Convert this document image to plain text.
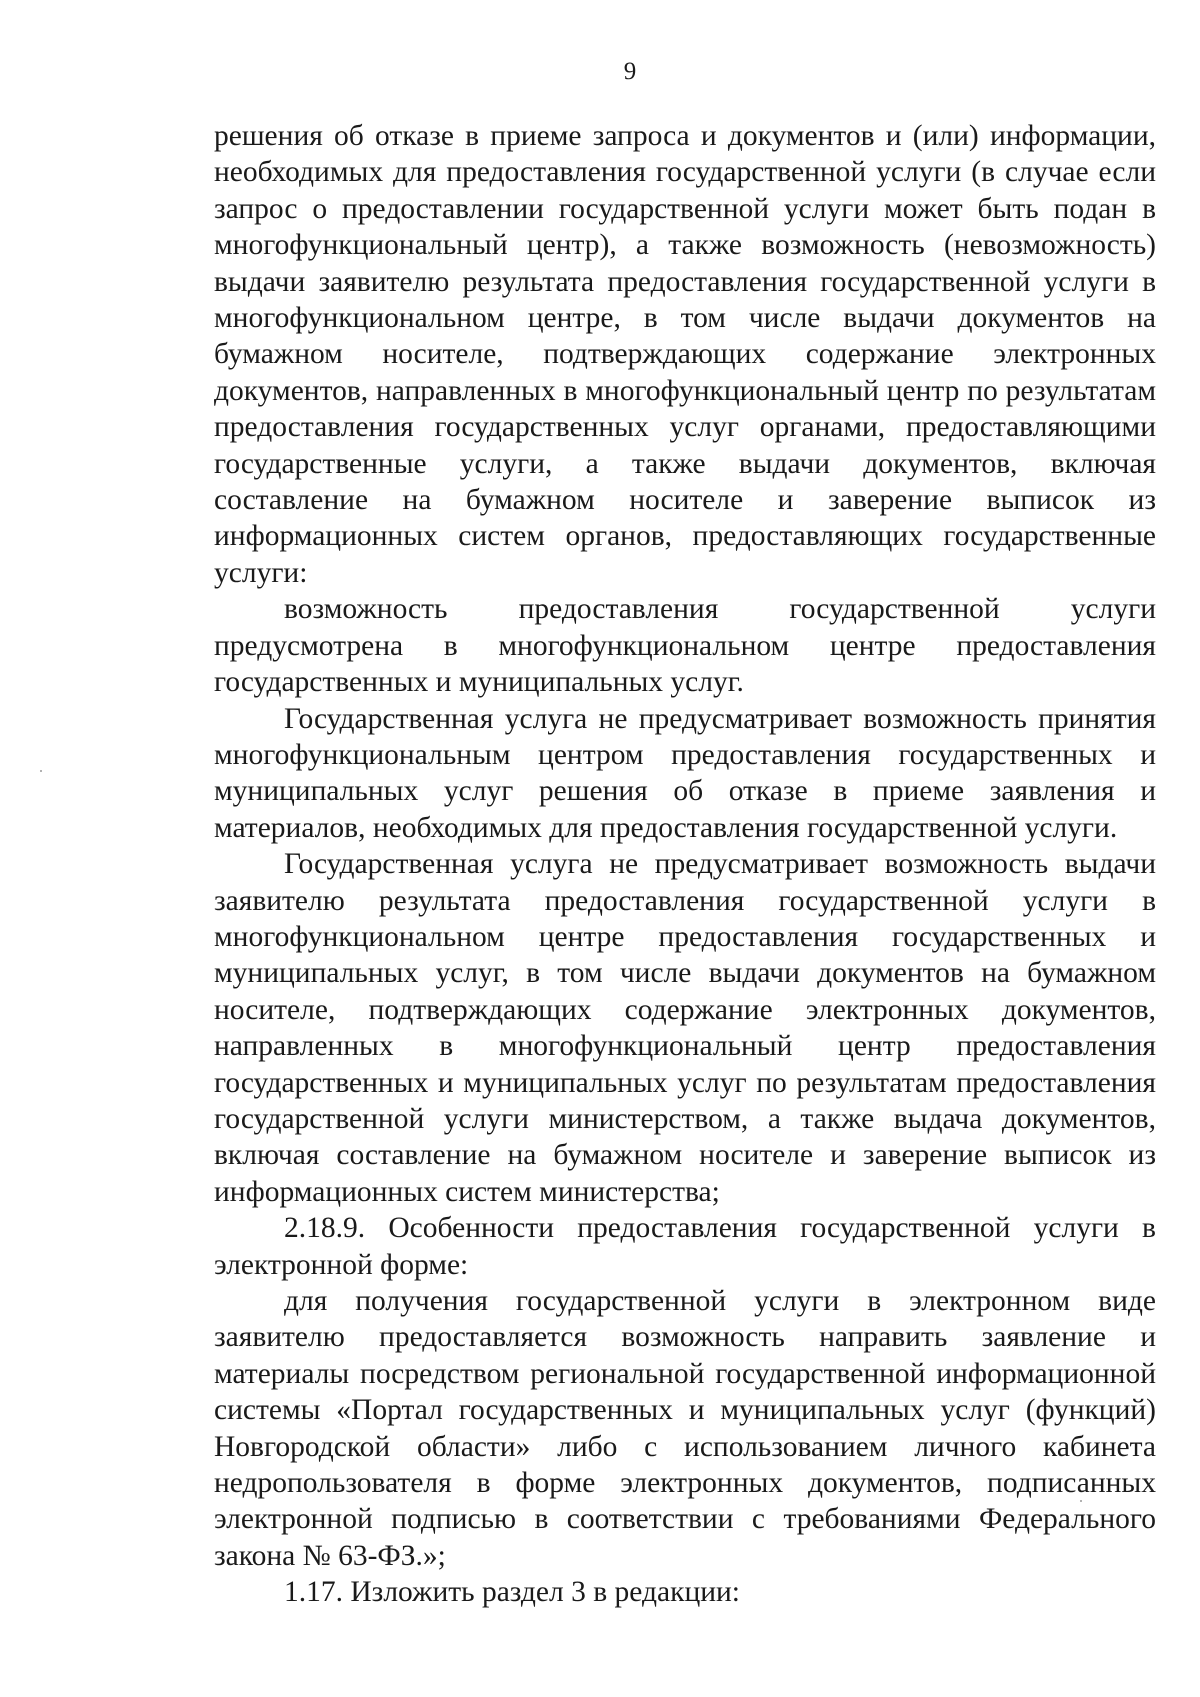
9

решения об отказе в приеме запроса и документов и (или) информации, необходимых для предоставления государственной услуги (в случае если запрос о предоставлении государственной услуги может быть подан в многофункциональный центр), а также возможность (невозможность) выдачи заявителю результата предоставления государственной услуги в многофункциональном центре, в том числе выдачи документов на бумажном носителе, подтверждающих содержание электронных документов, направленных в многофункциональный центр по результатам предоставления государственных услуг органами, предоставляющими государственные услуги, а также выдачи документов, включая составление на бумажном носителе и заверение выписок из информационных систем органов, предоставляющих государственные услуги:

возможность предоставления государственной услуги предусмотрена в многофункциональном центре предоставления государственных и муниципальных услуг.

Государственная услуга не предусматривает возможность принятия многофункциональным центром предоставления государственных и муниципальных услуг решения об отказе в приеме заявления и материалов, необходимых для предоставления государственной услуги.

Государственная услуга не предусматривает возможность выдачи заявителю результата предоставления государственной услуги в многофункциональном центре предоставления государственных и муниципальных услуг, в том числе выдачи документов на бумажном носителе, подтверждающих содержание электронных документов, направленных в многофункциональный центр предоставления государственных и муниципальных услуг по результатам предоставления государственной услуги министерством, а также выдача документов, включая составление на бумажном носителе и заверение выписок из информационных систем министерства;

2.18.9. Особенности предоставления государственной услуги в электронной форме:

для получения государственной услуги в электронном виде заявителю предоставляется возможность направить заявление и материалы посредством региональной государственной информационной системы «Портал государственных и муниципальных услуг (функций) Новгородской области» либо с использованием личного кабинета недропользователя в форме электронных документов, подписанных электронной подписью в соответствии с требованиями Федерального закона № 63-ФЗ.»;

1.17. Изложить раздел 3 в редакции:
